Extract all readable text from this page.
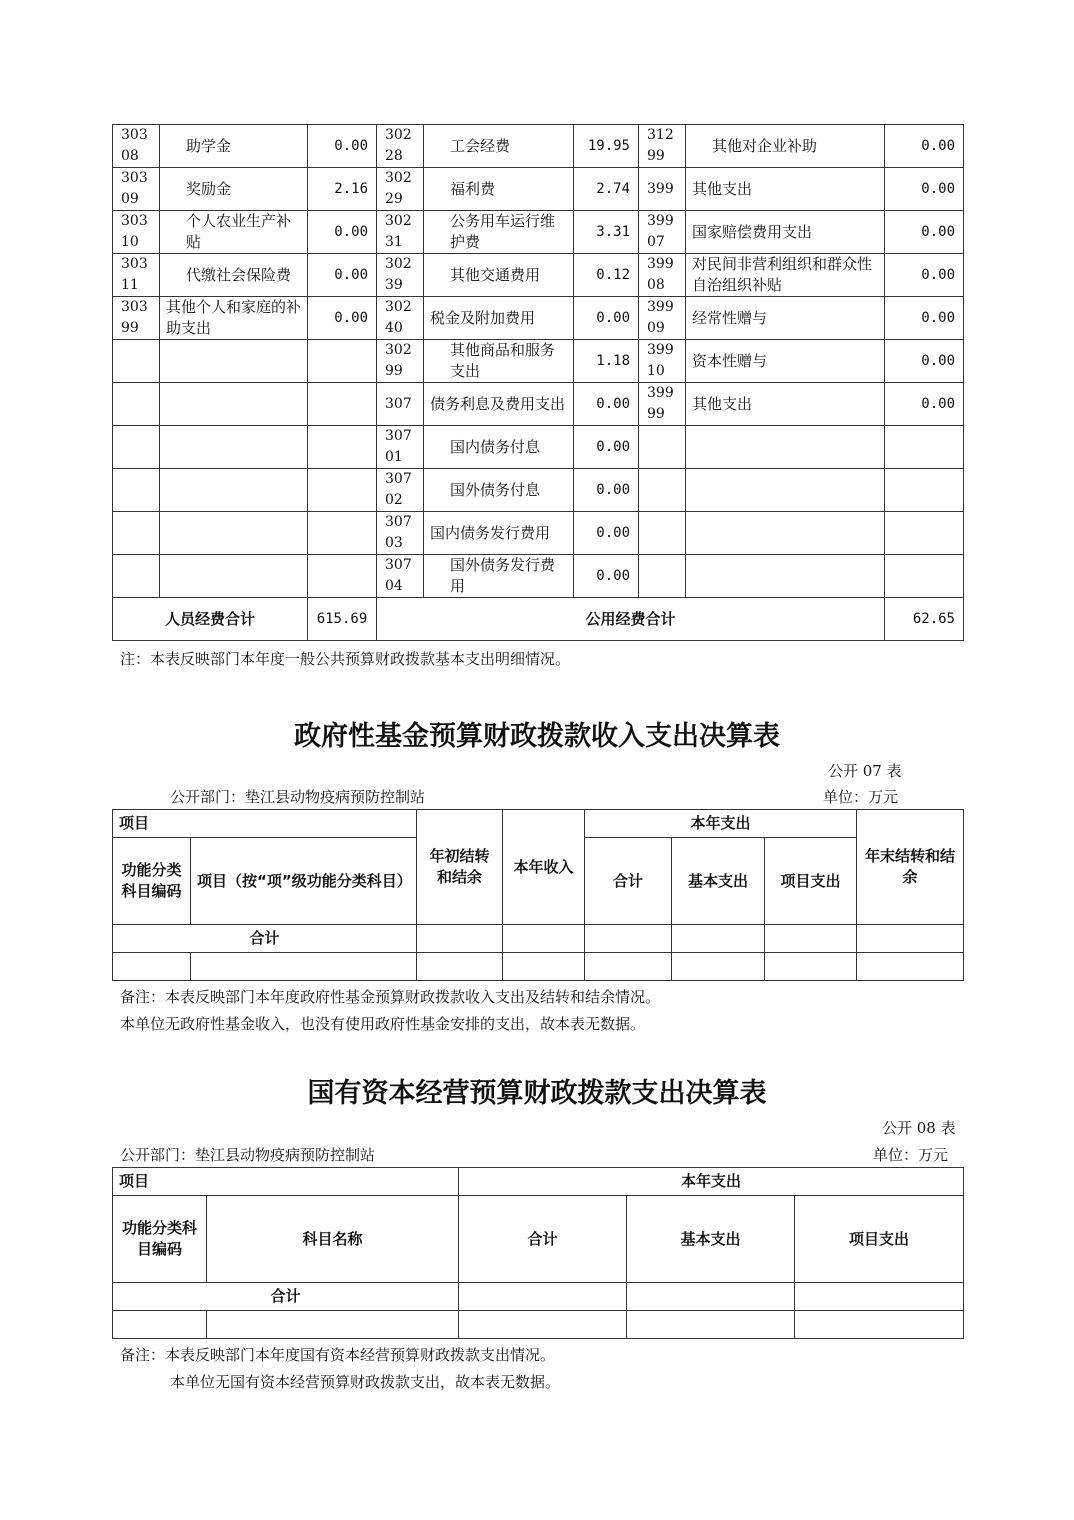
30308	助学金	0.00	30228	工会经费	19.95	31299	其他对企业补助	0.00
30309	奖励金	2.16	30229	福利费	2.74	399	其他支出	0.00
30310	个人农业生产补贴	0.00	30231	公务用车运行维护费	3.31	39907	国家赔偿费用支出	0.00
30311	代缴社会保险费	0.00	30239	其他交通费用	0.12	39908	对民间非营利组织和群众性自治组织补贴	0.00
30399	其他个人和家庭的补助支出	0.00	30240	税金及附加费用	0.00	39909	经常性赠与	0.00
			30299	其他商品和服务支出	1.18	39910	资本性赠与	0.00
			307	债务利息及费用支出	0.00	39999	其他支出	0.00
			30701	国内债务付息	0.00			
			30702	国外债务付息	0.00			
			30703	国内债务发行费用	0.00			
			30704	国外债务发行费用	0.00			
人员经费合计		615.69	公用经费合计					62.65
注：本表反映部门本年度一般公共预算财政拨款基本支出明细情况。
政府性基金预算财政拨款收入支出决算表
公开 07 表
公开部门：垫江县动物疫病预防控制站	单位：万元
项目		年初结转和结余	本年收入	本年支出			年末结转和结余
功能分类科目编码	项目（按“项”级功能分类科目）			合计	基本支出	项目支出	
合计							

备注：本表反映部门本年度政府性基金预算财政拨款收入支出及结转和结余情况。
本单位无政府性基金收入，也没有使用政府性基金安排的支出，故本表无数据。
国有资本经营预算财政拨款支出决算表
公开 08 表
公开部门：垫江县动物疫病预防控制站	单位：万元
项目		本年支出		
功能分类科目编码	科目名称	合计	基本支出	项目支出
合计				

备注：本表反映部门本年度国有资本经营预算财政拨款支出情况。
本单位无国有资本经营预算财政拨款支出，故本表无数据。
